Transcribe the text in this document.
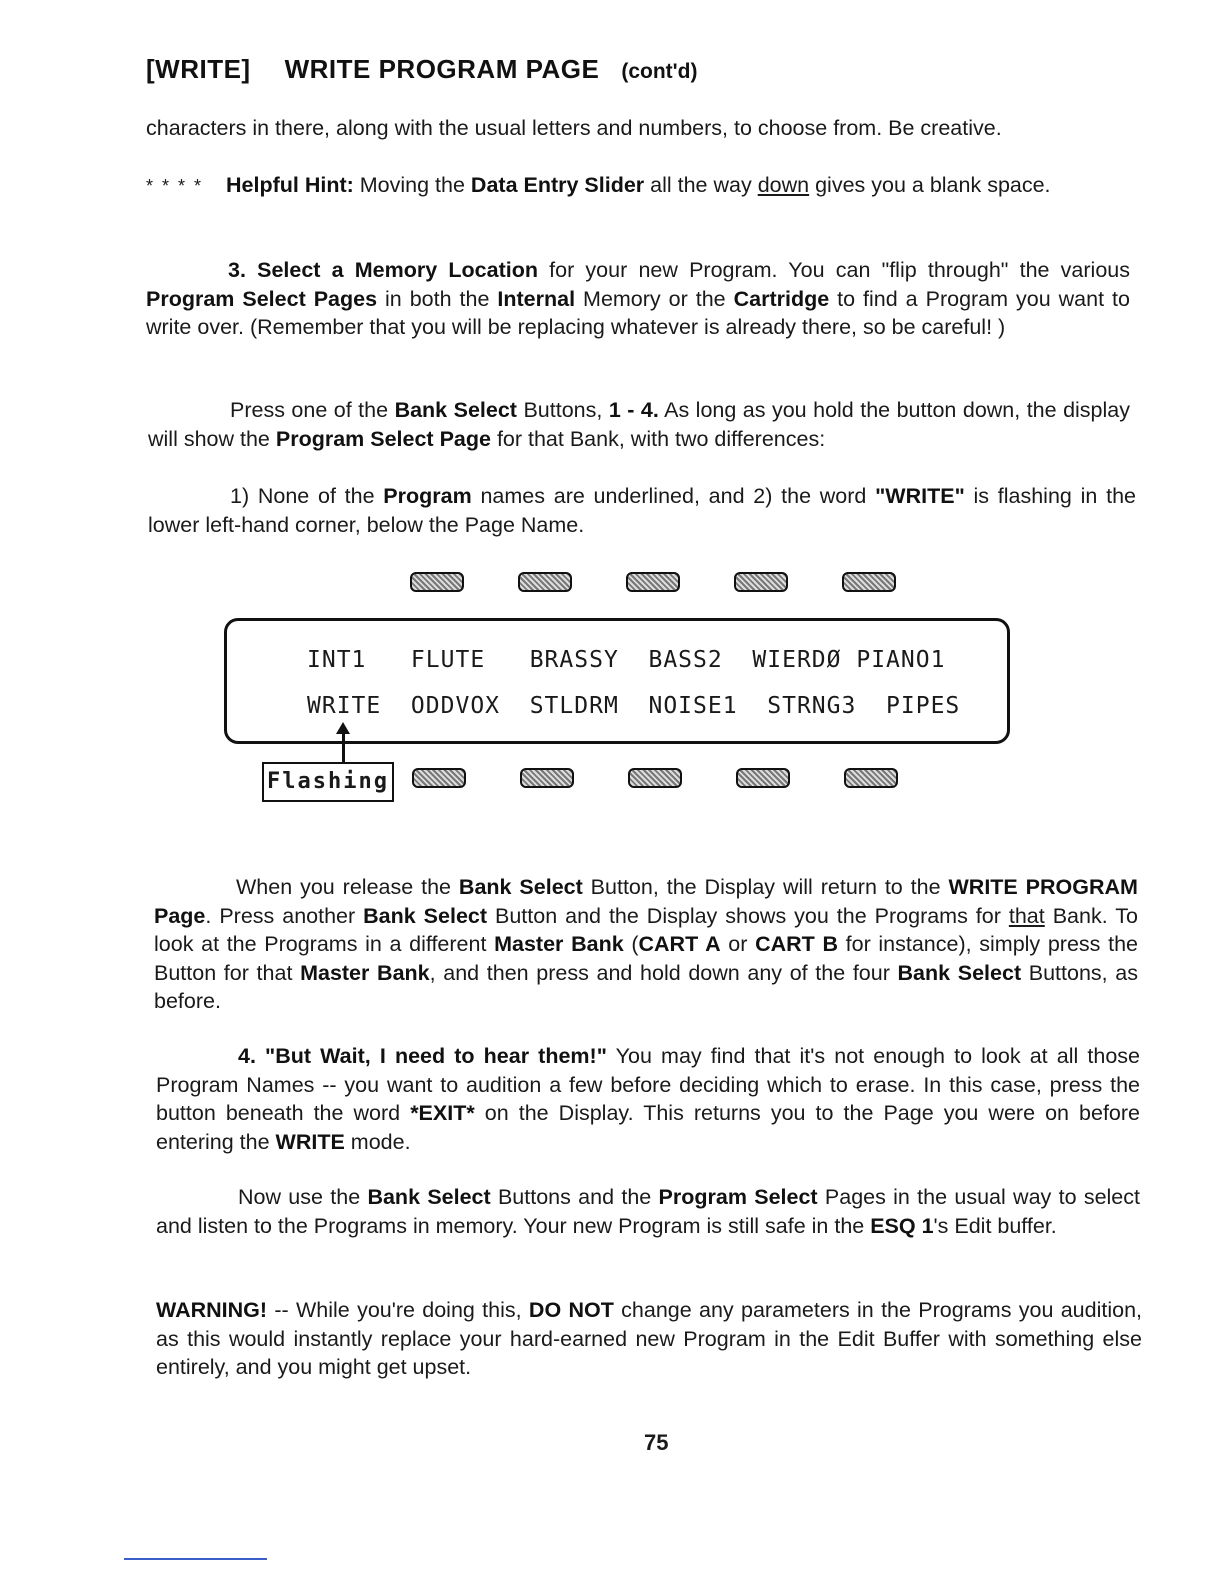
[WRITE] WRITE PROGRAM PAGE (cont'd)
characters in there, along with the usual letters and numbers, to choose from. Be creative.
* * * * Helpful Hint: Moving the Data Entry Slider all the way down gives you a blank space.
3. Select a Memory Location for your new Program. You can "flip through" the various Program Select Pages in both the Internal Memory or the Cartridge to find a Program you want to write over. (Remember that you will be replacing whatever is already there, so be careful! )
Press one of the Bank Select Buttons, 1 - 4. As long as you hold the button down, the display will show the Program Select Page for that Bank, with two differences:
1) None of the Program names are underlined, and 2) the word "WRITE" is flashing in the lower left-hand corner, below the Page Name.
INT1   FLUTE   BRASSY  BASS2  WIERDØ PIANO1
WRITE  ODDVOX  STLDRM  NOISE1  STRNG3  PIPES
Flashing
When you release the Bank Select Button, the Display will return to the WRITE PROGRAM Page. Press another Bank Select Button and the Display shows you the Programs for that Bank. To look at the Programs in a different Master Bank (CART A or CART B for instance), simply press the Button for that Master Bank, and then press and hold down any of the four Bank Select Buttons, as before.
4. "But Wait, I need to hear them!" You may find that it's not enough to look at all those Program Names -- you want to audition a few before deciding which to erase. In this case, press the button beneath the word *EXIT* on the Display. This returns you to the Page you were on before entering the WRITE mode.
Now use the Bank Select Buttons and the Program Select Pages in the usual way to select and listen to the Programs in memory. Your new Program is still safe in the ESQ 1's Edit buffer.
WARNING! -- While you're doing this, DO NOT change any parameters in the Programs you audition, as this would instantly replace your hard-earned new Program in the Edit Buffer with something else entirely, and you might get upset.
75
